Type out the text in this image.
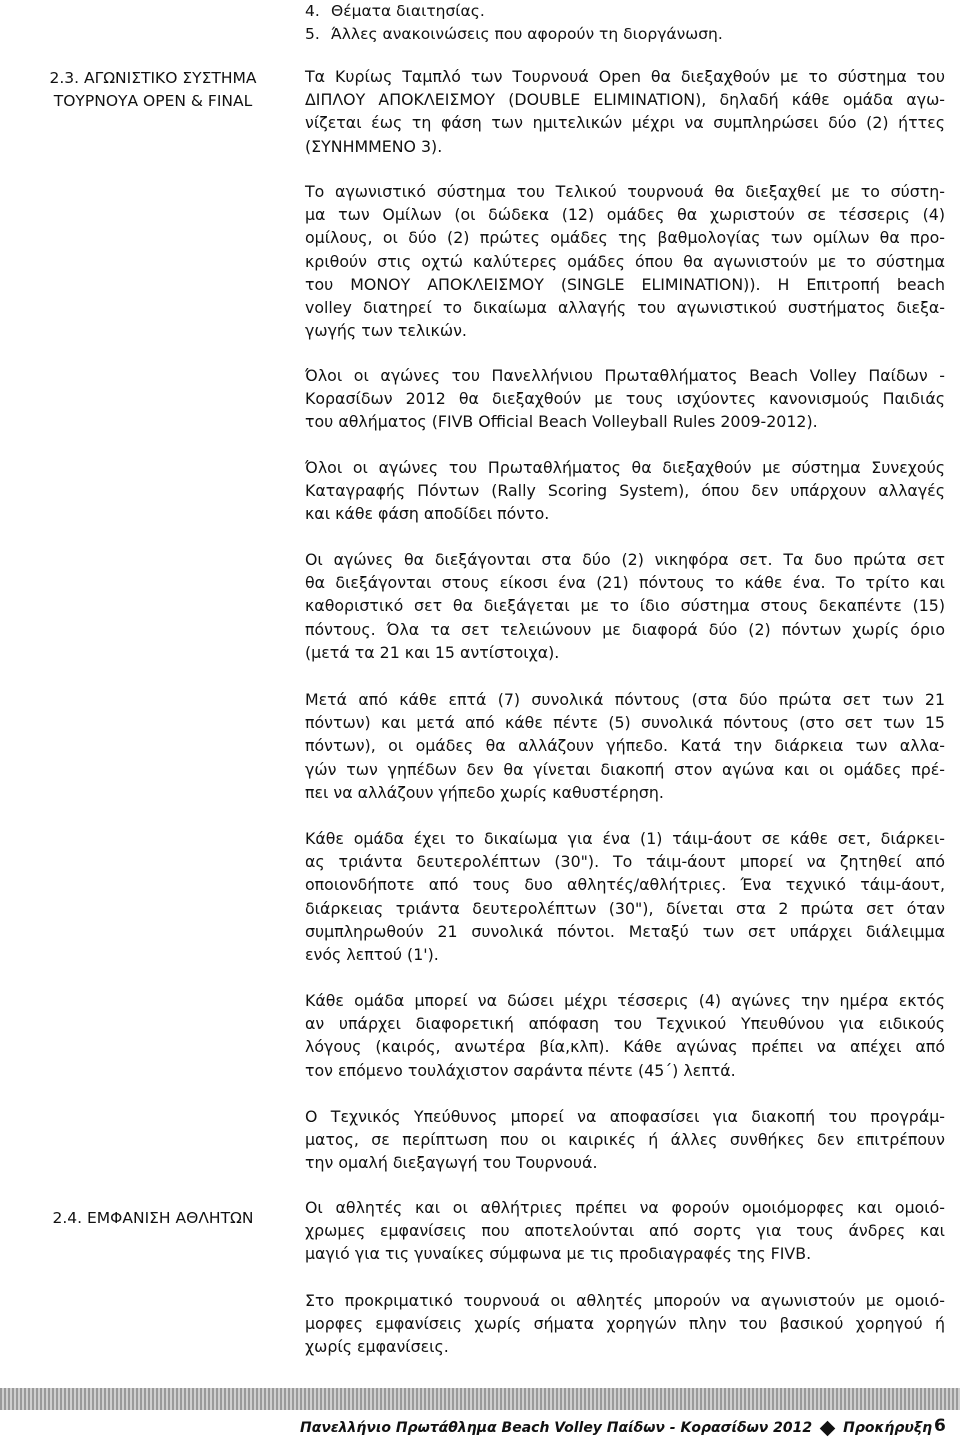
4. Θέματα διαιτησίας.
5. Άλλες ανακοινώσεις που αφορούν τη διοργάνωση.
2.3. ΑΓΩΝΙΣΤΙΚΟ ΣΥΣΤΗΜΑ
ΤΟΥΡΝΟΥΑ OPEN & FINAL
Τα Κυρίως Ταμπλό των Τουρνουά Open θα διεξαχθούν με το σύστημα του
ΔΙΠΛΟΥ ΑΠΟΚΛΕΙΣΜΟΥ (DOUBLE ELIMINATION), δηλαδή κάθε ομάδα αγω-
νίζεται έως τη φάση των ημιτελικών μέχρι να συμπληρώσει δύο (2) ήττες
(ΣΥΝΗΜΜΕΝΟ 3).
Το αγωνιστικό σύστημα του Τελικού τουρνουά θα διεξαχθεί με το σύστη-
μα των Ομίλων (οι δώδεκα (12) ομάδες θα χωριστούν σε τέσσερις (4)
ομίλους, οι δύο (2) πρώτες ομάδες της βαθμολογίας των ομίλων θα προ-
κριθούν στις οχτώ καλύτερες ομάδες όπου θα αγωνιστούν με το σύστημα
του ΜΟΝΟΥ ΑΠΟΚΛΕΙΣΜΟΥ (SINGLE ELIMINATION)). Η Επιτροπή beach
volley διατηρεί το δικαίωμα αλλαγής του αγωνιστικού συστήματος διεξα-
γωγής των τελικών.
Όλοι οι αγώνες του Πανελλήνιου Πρωταθλήματος Beach Volley Παίδων -
Κορασίδων 2012 θα διεξαχθούν με τους ισχύοντες κανονισμούς Παιδιάς
του αθλήματος (FIVB Official Beach Volleyball Rules 2009-2012).
Όλοι οι αγώνες του Πρωταθλήματος θα διεξαχθούν με σύστημα Συνεχούς
Καταγραφής Πόντων (Rally Scoring System), όπου δεν υπάρχουν αλλαγές
και κάθε φάση αποδίδει πόντο.
Οι αγώνες θα διεξάγονται στα δύο (2) νικηφόρα σετ. Τα δυο πρώτα σετ
θα διεξάγονται στους είκοσι ένα (21) πόντους το κάθε ένα. Το τρίτο και
καθοριστικό σετ θα διεξάγεται με το ίδιο σύστημα στους δεκαπέντε (15)
πόντους. Όλα τα σετ τελειώνουν με διαφορά δύο (2) πόντων χωρίς όριο
(μετά τα 21 και 15 αντίστοιχα).
Μετά από κάθε επτά (7) συνολικά πόντους (στα δύο πρώτα σετ των 21
πόντων) και μετά από κάθε πέντε (5) συνολικά πόντους (στο σετ των 15
πόντων), οι ομάδες θα αλλάζουν γήπεδο. Κατά την διάρκεια των αλλα-
γών των γηπέδων δεν θα γίνεται διακοπή στον αγώνα και οι ομάδες πρέ-
πει να αλλάζουν γήπεδο χωρίς καθυστέρηση.
Κάθε ομάδα έχει το δικαίωμα για ένα (1) τάιμ-άουτ σε κάθε σετ, διάρκει-
ας τριάντα δευτερολέπτων (30"). Το τάιμ-άουτ μπορεί να ζητηθεί από
οποιονδήποτε από τους δυο αθλητές/αθλήτριες. Ένα τεχνικό τάιμ-άουτ,
διάρκειας τριάντα δευτερολέπτων (30"), δίνεται στα 2 πρώτα σετ όταν
συμπληρωθούν 21 συνολικά πόντοι. Μεταξύ των σετ υπάρχει διάλειμμα
ενός λεπτού (1').
Κάθε ομάδα μπορεί να δώσει μέχρι τέσσερις (4) αγώνες την ημέρα εκτός
αν υπάρχει διαφορετική απόφαση του Τεχνικού Υπευθύνου για ειδικούς
λόγους (καιρός, ανωτέρα βία,κλπ). Κάθε αγώνας πρέπει να απέχει από
τον επόμενο τουλάχιστον σαράντα πέντε (45΄) λεπτά.
Ο Τεχνικός Υπεύθυνος μπορεί να αποφασίσει για διακοπή του προγράμ-
ματος, σε περίπτωση που οι καιρικές ή άλλες συνθήκες δεν επιτρέπουν
την ομαλή διεξαγωγή του Τουρνουά.
2.4. ΕΜΦΑΝΙΣΗ ΑΘΛΗΤΩΝ
Οι αθλητές και οι αθλήτριες πρέπει να φορούν ομοιόμορφες και ομοιό-
χρωμες εμφανίσεις που αποτελούνται από σορτς για τους άνδρες και
μαγιό για τις γυναίκες σύμφωνα με τις προδιαγραφές της FIVB.
Στο προκριματικό τουρνουά οι αθλητές μπορούν να αγωνιστούν με ομοιό-
μορφες εμφανίσεις χωρίς σήματα χορηγών πλην του βασικού χορηγού ή
χωρίς εμφανίσεις.
Πανελλήνιο Πρωτάθλημα Beach Volley Παίδων - Κορασίδων 2012 Προκήρυξη 6
